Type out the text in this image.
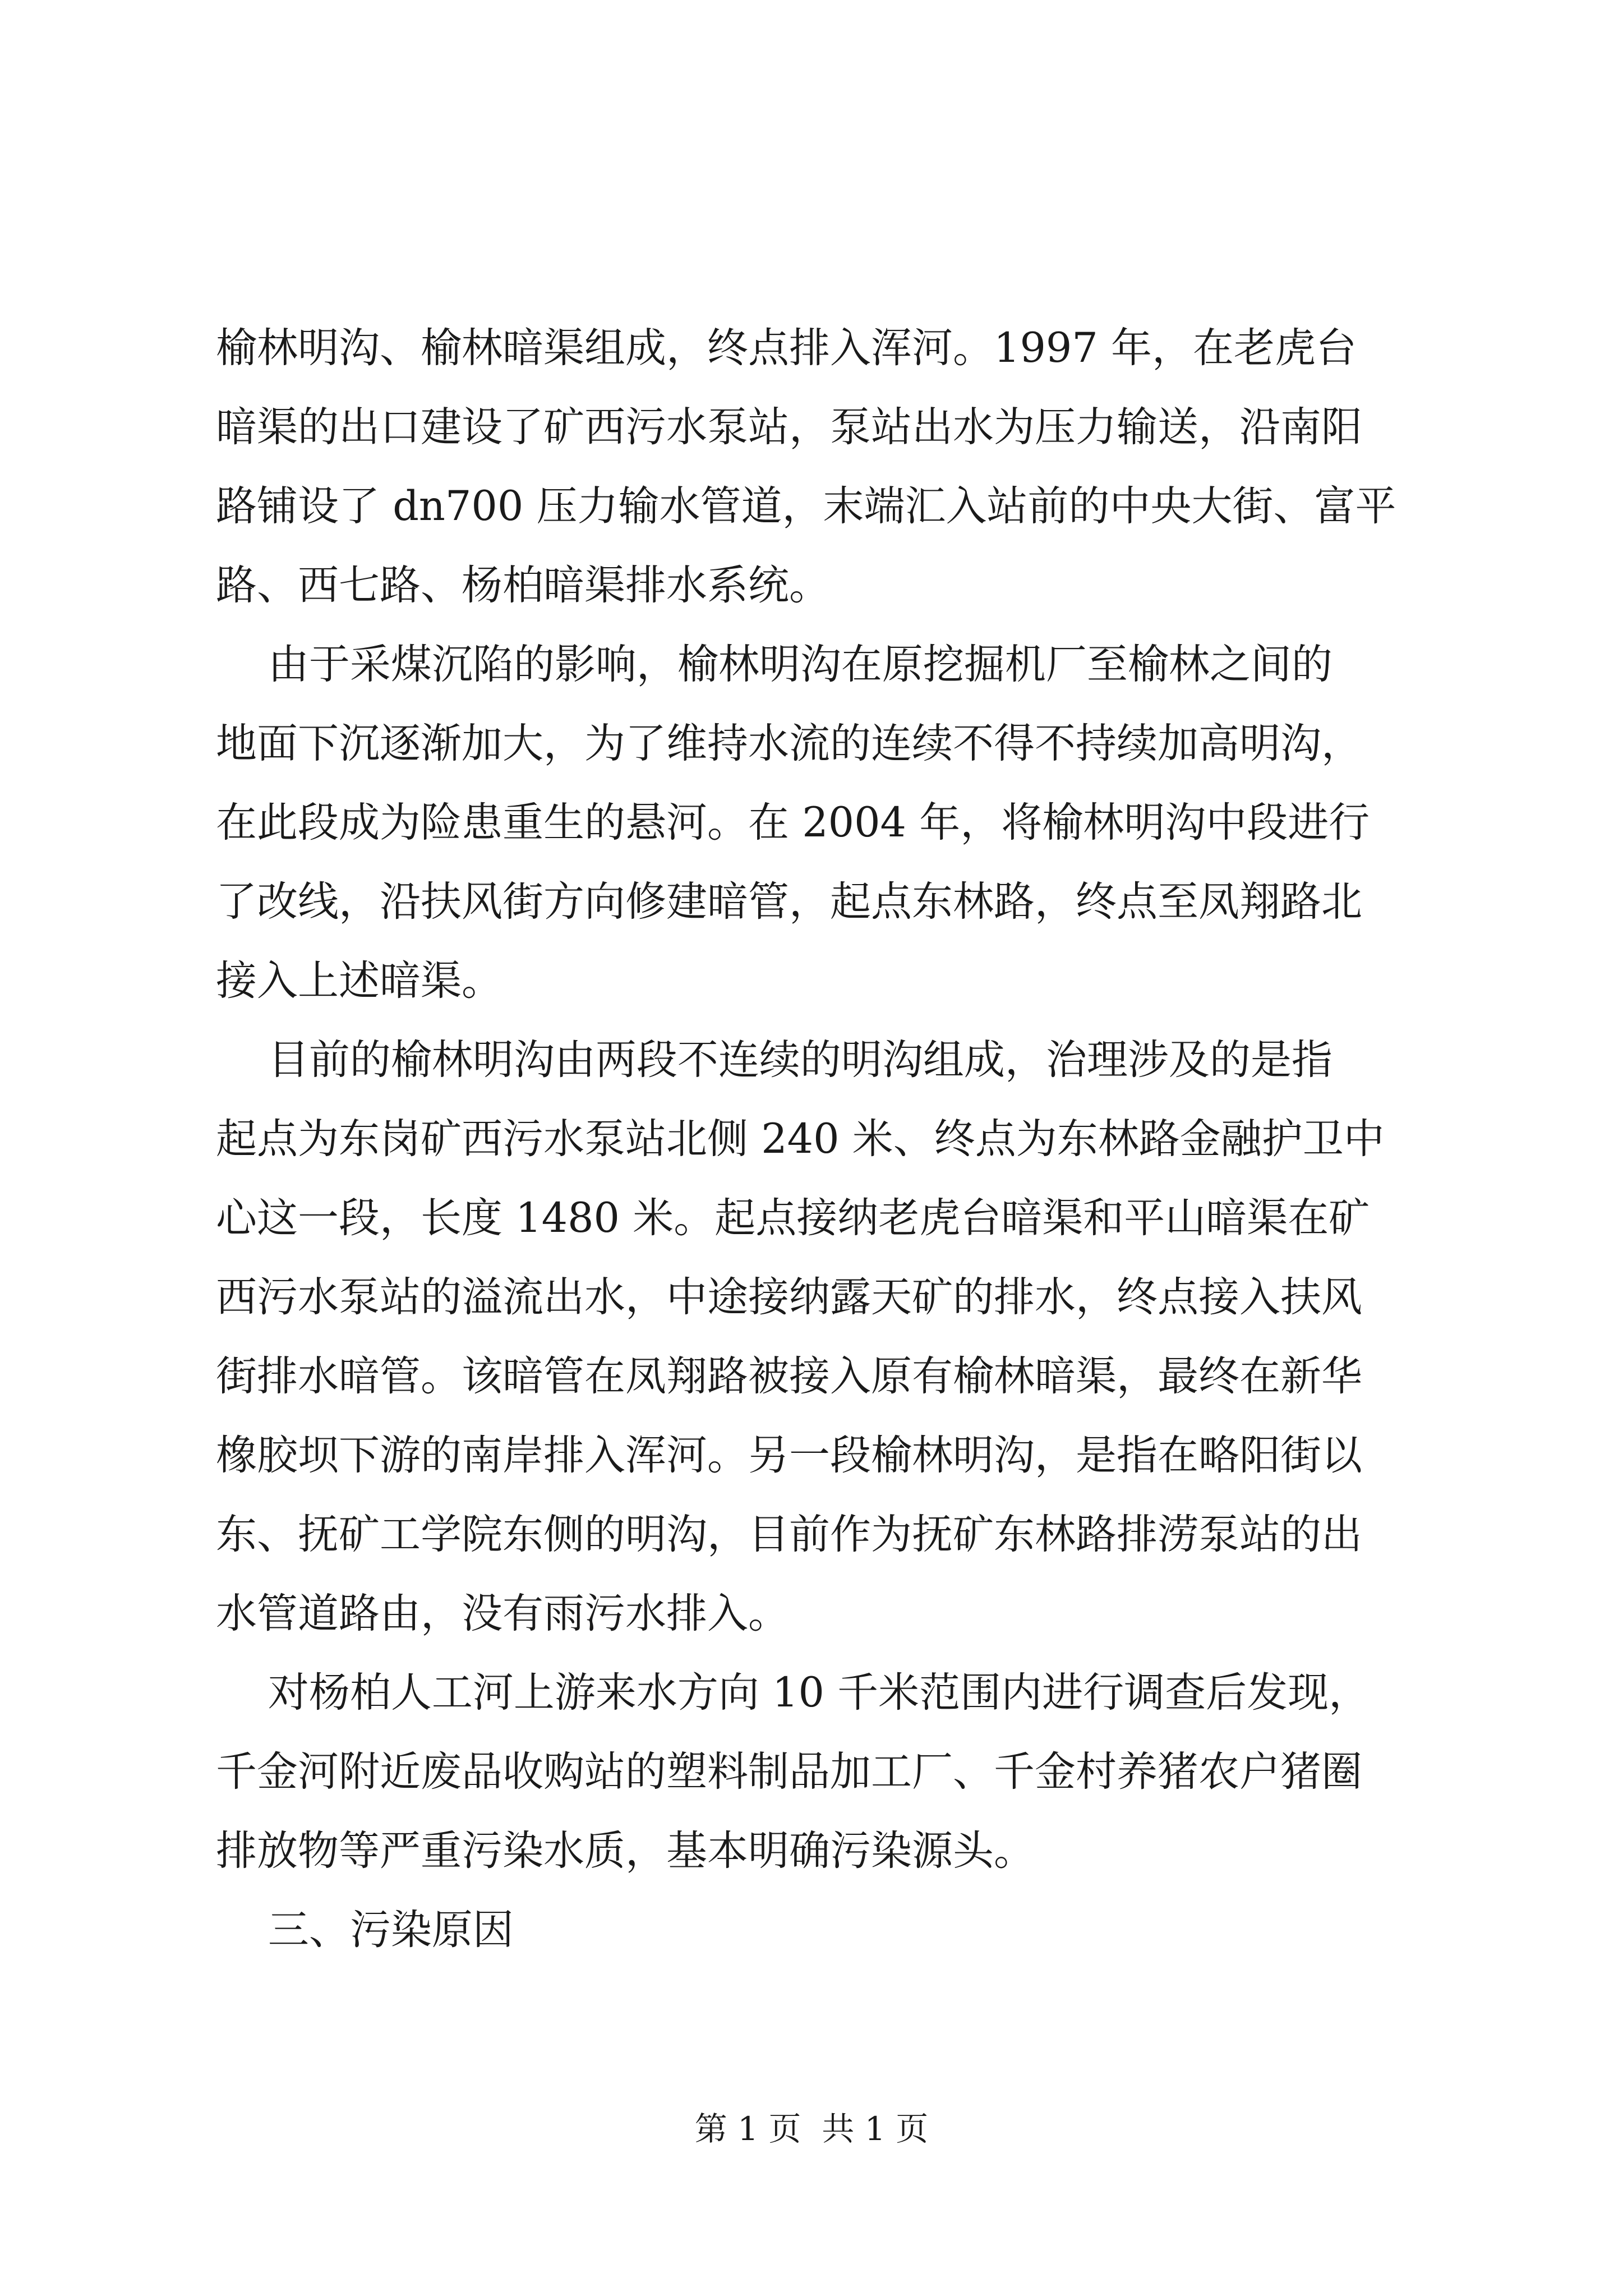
榆林明沟、榆林暗渠组成，终点排入浑河。1997 年，在老虎台
暗渠的出口建设了矿西污水泵站，泵站出水为压力输送，沿南阳
路铺设了 dn700 压力输水管道，末端汇入站前的中央大街、富平
路、西七路、杨柏暗渠排水系统。
由于采煤沉陷的影响，榆林明沟在原挖掘机厂至榆林之间的
地面下沉逐渐加大，为了维持水流的连续不得不持续加高明沟，
在此段成为险患重生的悬河。在 2004 年，将榆林明沟中段进行
了改线，沿扶风街方向修建暗管，起点东林路，终点至凤翔路北
接入上述暗渠。
目前的榆林明沟由两段不连续的明沟组成，治理涉及的是指
起点为东岗矿西污水泵站北侧 240 米、终点为东林路金融护卫中
心这一段，长度 1480 米。起点接纳老虎台暗渠和平山暗渠在矿
西污水泵站的溢流出水，中途接纳露天矿的排水，终点接入扶风
街排水暗管。该暗管在凤翔路被接入原有榆林暗渠，最终在新华
橡胶坝下游的南岸排入浑河。另一段榆林明沟，是指在略阳街以
东、抚矿工学院东侧的明沟，目前作为抚矿东林路排涝泵站的出
水管道路由，没有雨污水排入。
对杨柏人工河上游来水方向 10 千米范围内进行调查后发现，
千金河附近废品收购站的塑料制品加工厂、千金村养猪农户猪圈
排放物等严重污染水质，基本明确污染源头。
三、污染原因
第 1 页  共 1 页
